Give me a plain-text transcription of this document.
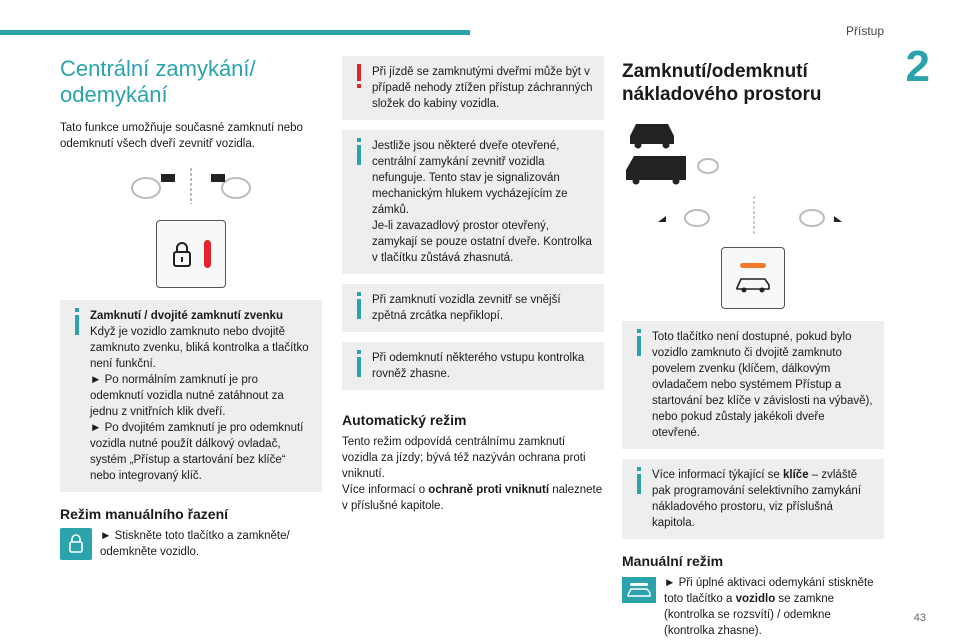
Přístup
2
43
Centrální zamykání/ odemykání

Tato funkce umožňuje současné zamknutí nebo odemknutí všech dveří zevnitř vozidla.

Zamknutí / dvojité zamknutí zvenku
Když je vozidlo zamknuto nebo dvojitě zamknuto zvenku, bliká kontrolka a tlačítko není funkční.
► Po normálním zamknutí je pro odemknutí vozidla nutné zatáhnout za jednu z vnitřních klik dveří.
► Po dvojitém zamknutí je pro odemknutí vozidla nutné použít dálkový ovladač, systém „Přístup a startování bez klíče“ nebo integrovaný klíč.
Režim manuálního řazení

► Stiskněte toto tlačítko a zamkněte/ odemkněte vozidlo.

Při jízdě se zamknutými dveřmi může být v případě nehody ztížen přístup záchranných složek do kabiny vozidla.
Jestliže jsou některé dveře otevřené, centrální zamykání zevnitř vozidla nefunguje. Tento stav je signalizován mechanickým hlukem vycházejícím ze zámků.
Je-li zavazadlový prostor otevřený, zamykají se pouze ostatní dveře. Kontrolka v tlačítku zůstává zhasnutá.
Při zamknutí vozidla zevnitř se vnější zpětná zrcátka nepřiklopí.
Při odemknutí některého vstupu kontrolka rovněž zhasne.
Automatický režim

Tento režim odpovídá centrálnímu zamknutí vozidla za jízdy; bývá též nazýván ochrana proti vniknutí.

Více informací o ochraně proti vniknutí naleznete v příslušné kapitole.

Zamknutí/odemknutí nákladového prostoru
Toto tlačítko není dostupné, pokud bylo vozidlo zamknuto či dvojitě zamknuto povelem zvenku (klíčem, dálkovým ovladačem nebo systémem Přístup a startování bez klíče v závislosti na výbavě), nebo pokud zůstaly jakékoli dveře otevřené.
Více informací týkající se klíče – zvláště pak programování selektivního zamykání nákladového prostoru, viz příslušná kapitola.
Manuální režim

► Při úplné aktivaci odemykání stiskněte toto tlačítko a vozidlo se zamkne (kontrolka se rozsvítí) / odemkne (kontrolka zhasne).
